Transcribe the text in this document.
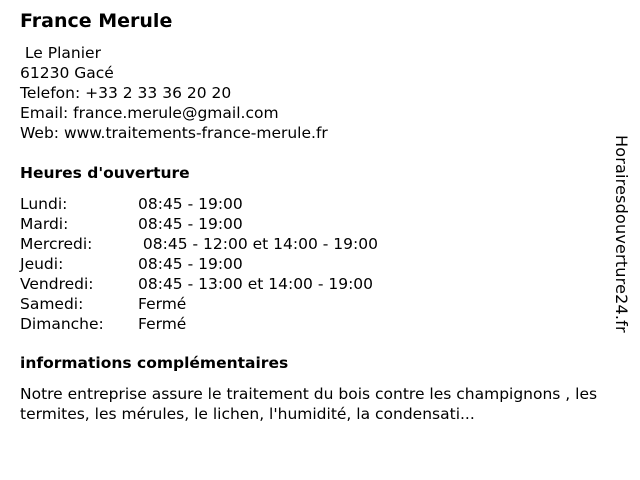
France Merule
Le Planier
61230 Gacé
Telefon: +33 2 33 36 20 20
Email: france.merule@gmail.com
Web: www.traitements-france-merule.fr
Heures d'ouverture
Lundi:	08:45 - 19:00
Mardi:	08:45 - 19:00
Mercredi:	08:45 - 12:00 et 14:00 - 19:00
Jeudi:	08:45 - 19:00
Vendredi:	08:45 - 13:00 et 14:00 - 19:00
Samedi:	Fermé
Dimanche:	Fermé
informations complémentaires
Notre entreprise assure le traitement du bois contre les champignons , les termites, les mérules, le lichen, l'humidité, la condensati...
Horairesdouverture24.fr
